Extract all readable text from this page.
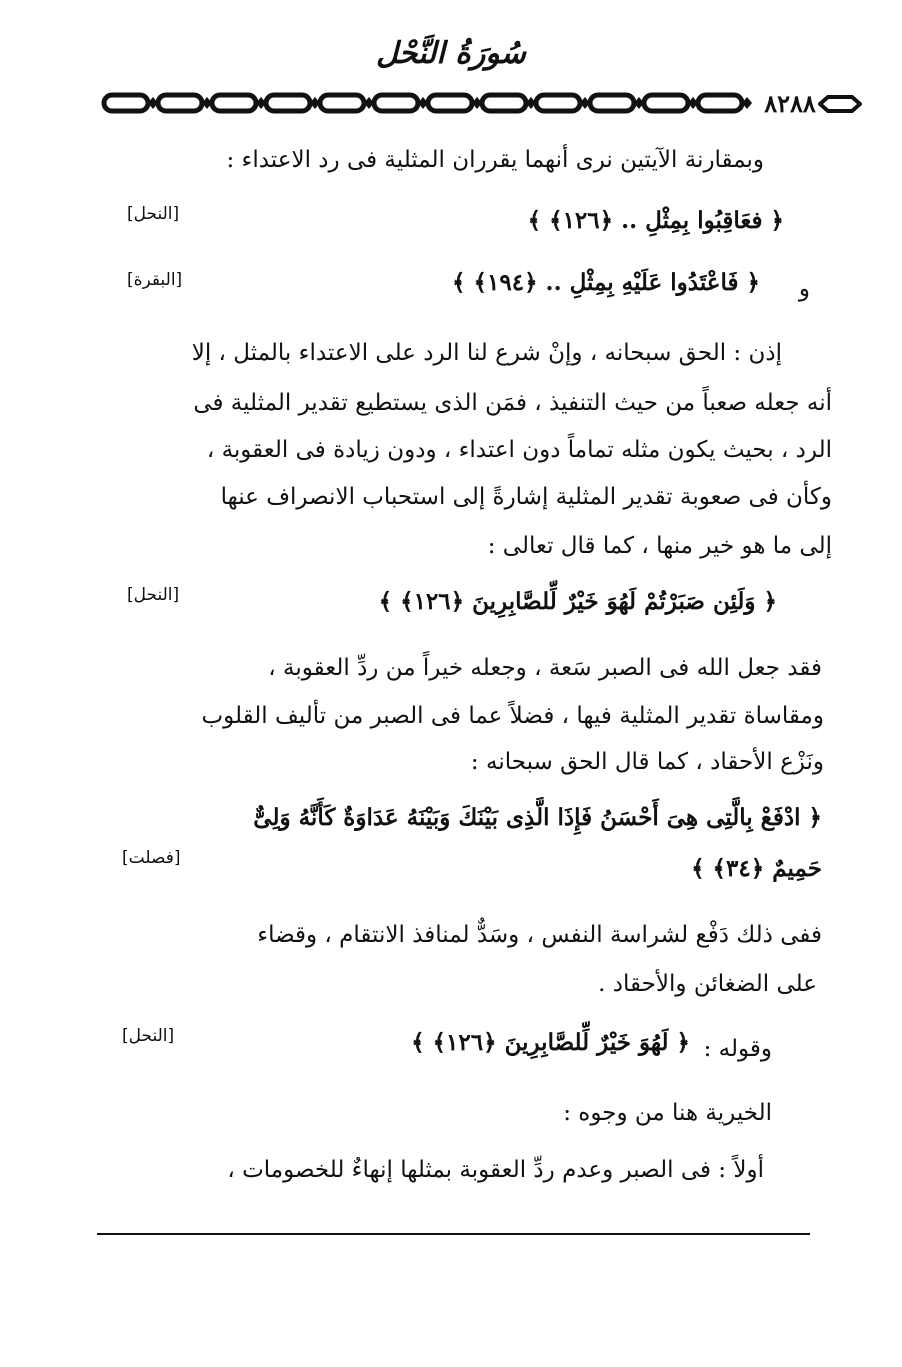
سُورَةُ النَّحْل
٨٢٨٨
وبمقارنة الآيتين نرى أنهما يقرران المثلية فى رد الاعتداء :
﴿ فعَاقِبُوا بِمِثْلِ .. ﴿١٢٦﴾ ﴾
[النحل]
و
﴿ فَاعْتَدُوا عَلَيْهِ بِمِثْلِ .. ﴿١٩٤﴾ ﴾
[البقرة]
إذن : الحق سبحانه ، وإنْ شرع لنا الرد على الاعتداء بالمثل ، إلا
أنه جعله صعباً من حيث التنفيذ ، فمَن الذى يستطيع تقدير المثلية فى
الرد ، بحيث يكون مثله تماماً دون اعتداء ، ودون زيادة فى العقوبة ،
وكأن فى صعوبة تقدير المثلية إشارةً إلى استحباب الانصراف عنها
إلى ما هو خير منها ، كما قال تعالى :
﴿ وَلَئِن صَبَرْتُمْ لَهُوَ خَيْرٌ لِّلصَّابِرِينَ ﴿١٢٦﴾ ﴾
[النحل]
فقد جعل الله فى الصبر سَعة ، وجعله خيراً من ردِّ العقوبة ،
ومقاساة تقدير المثلية فيها ، فضلاً عما فى الصبر من تأليف القلوب
ونَزْع الأحقاد ، كما قال الحق سبحانه :
﴿ ادْفَعْ بِالَّتِى هِىَ أَحْسَنُ فَإِذَا الَّذِى بَيْنَكَ وَبَيْنَهُ عَدَاوَةٌ كَأَنَّهُ وَلِىٌّ
حَمِيمٌ ﴿٣٤﴾ ﴾
[فصلت]
ففى ذلك دَفْع لشراسة النفس ، وسَدٌّ لمنافذ الانتقام ، وقضاء
على الضغائن والأحقاد .
وقوله :
﴿ لَهُوَ خَيْرٌ لِّلصَّابِرِينَ ﴿١٢٦﴾ ﴾
[النحل]
الخيرية هنا من وجوه :
أولاً : فى الصبر وعدم ردِّ العقوبة بمثلها إنهاءٌ للخصومات ،
